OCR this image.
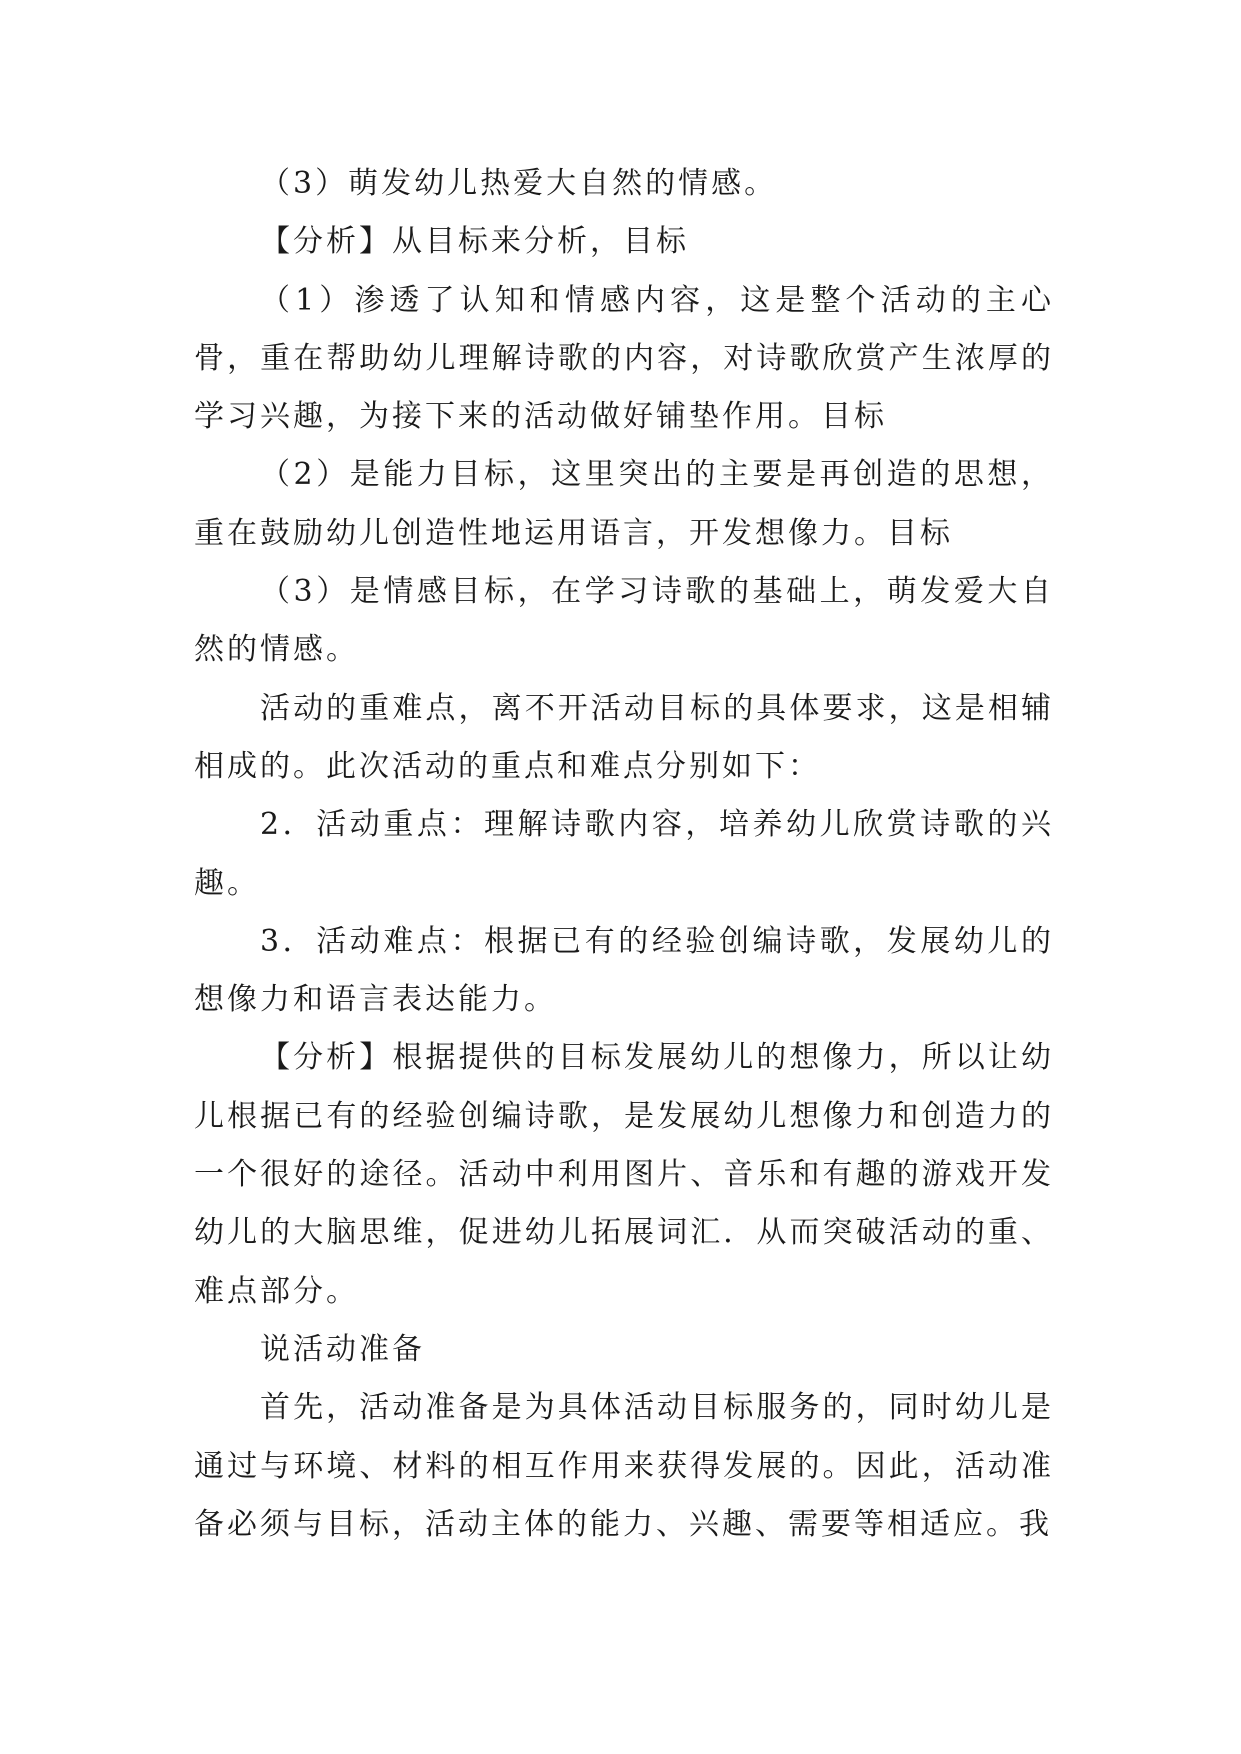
（3）萌发幼儿热爱大自然的情感。

【分析】从目标来分析，目标

（1）渗透了认知和情感内容，这是整个活动的主心骨，重在帮助幼儿理解诗歌的内容，对诗歌欣赏产生浓厚的学习兴趣，为接下来的活动做好铺垫作用。目标

（2）是能力目标，这里突出的主要是再创造的思想，重在鼓励幼儿创造性地运用语言，开发想像力。目标

（3）是情感目标，在学习诗歌的基础上，萌发爱大自然的情感。

活动的重难点，离不开活动目标的具体要求，这是相辅相成的。此次活动的重点和难点分别如下：

2．活动重点：理解诗歌内容，培养幼儿欣赏诗歌的兴趣。

3．活动难点：根据已有的经验创编诗歌，发展幼儿的想像力和语言表达能力。

【分析】根据提供的目标发展幼儿的想像力，所以让幼儿根据已有的经验创编诗歌，是发展幼儿想像力和创造力的一个很好的途径。活动中利用图片、音乐和有趣的游戏开发幼儿的大脑思维，促进幼儿拓展词汇．从而突破活动的重、难点部分。

说活动准备

首先，活动准备是为具体活动目标服务的，同时幼儿是通过与环境、材料的相互作用来获得发展的。因此，活动准备必须与目标，活动主体的能力、兴趣、需要等相适应。我
